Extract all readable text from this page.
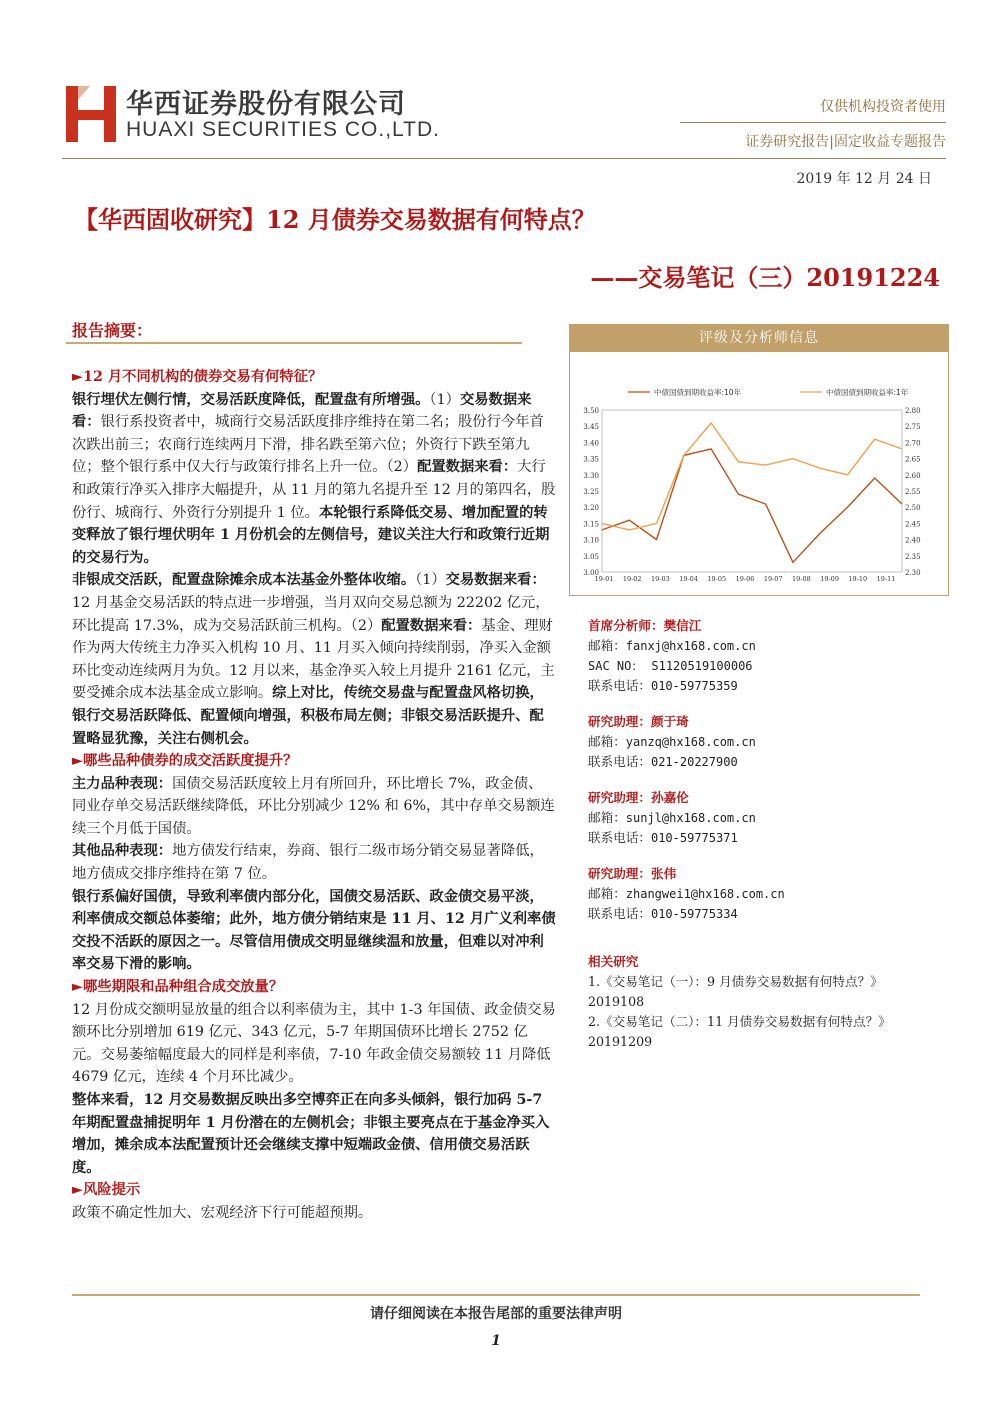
华西证券股份有限公司
HUAXI SECURITIES CO.,LTD.
仅供机构投资者使用
证券研究报告|固定收益专题报告
2019 年 12 月 24 日
【华西固收研究】12 月债券交易数据有何特点？
——交易笔记（三）20191224
报告摘要：

►12 月不同机构的债券交易有何特征？

银行埋伏左侧行情，交易活跃度降低，配置盘有所增强。（1）交易数据来看：银行系投资者中，城商行交易活跃度排序维持在第二名；股份行今年首次跌出前三；农商行连续两月下滑，排名跌至第六位；外资行下跌至第九位；整个银行系中仅大行与政策行排名上升一位。（2）配置数据来看：大行和政策行净买入排序大幅提升，从 11 月的第九名提升至 12 月的第四名，股份行、城商行、外资行分别提升 1 位。本轮银行系降低交易、增加配置的转变释放了银行埋伏明年 1 月份机会的左侧信号，建议关注大行和政策行近期的交易行为。

非银成交活跃，配置盘除摊余成本法基金外整体收缩。（1）交易数据来看：12 月基金交易活跃的特点进一步增强，当月双向交易总额为 22202 亿元，环比提高 17.3%，成为交易活跃前三机构。（2）配置数据来看：基金、理财作为两大传统主力净买入机构 10 月、11 月买入倾向持续削弱，净买入金额环比变动连续两月为负。12 月以来，基金净买入较上月提升 2161 亿元，主要受摊余成本法基金成立影响。综上对比，传统交易盘与配置盘风格切换，银行交易活跃降低、配置倾向增强，积极布局左侧；非银交易活跃提升、配置略显犹豫，关注右侧机会。

►哪些品种债券的成交活跃度提升？

主力品种表现：国债交易活跃度较上月有所回升，环比增长 7%，政金债、同业存单交易活跃继续降低，环比分别减少 12% 和 6%，其中存单交易额连续三个月低于国债。

其他品种表现：地方债发行结束，券商、银行二级市场分销交易显著降低，地方债成交排序维持在第 7 位。

银行系偏好国债，导致利率债内部分化，国债交易活跃、政金债交易平淡，利率债成交额总体萎缩；此外，地方债分销结束是 11 月、12 月广义利率债交投不活跃的原因之一。尽管信用债成交明显继续温和放量，但难以对冲利率交易下滑的影响。

►哪些期限和品种组合成交放量？

12 月份成交额明显放量的组合以利率债为主，其中 1-3 年国债、政金债交易额环比分别增加 619 亿元、343 亿元，5-7 年期国债环比增长 2752 亿元。交易萎缩幅度最大的同样是利率债，7-10 年政金债交易额较 11 月降低 4679 亿元，连续 4 个月环比减少。

整体来看，12 月交易数据反映出多空博弈正在向多头倾斜，银行加码 5-7 年期配置盘捕捉明年 1 月份潜在的左侧机会；非银主要亮点在于基金净买入增加，摊余成本法配置预计还会继续支撑中短端政金债、信用债交易活跃度。

►风险提示

政策不确定性加大、宏观经济下行可能超预期。

评级及分析师信息
中债国债到期收益率:10年	中债国债到期收益率:1年
3.00
3.05
3.10
3.15
3.20
3.25
3.30
3.35
3.40
3.45
3.50
2.30
2.35
2.40
2.45
2.50
2.55
2.60
2.65
2.70
2.75
2.80
19-01 19-02 19-03 19-04 19-05 19-06 19-07 19-08 19-09 19-10 19-11
首席分析师：樊信江
邮箱：fanxj@hx168.com.cn
SAC NO： S1120519100006
联系电话：010-59775359
研究助理：颜于琦
邮箱：yanzq@hx168.com.cn
联系电话：021-20227900
研究助理：孙嘉伦
邮箱：sunjl@hx168.com.cn
联系电话：010-59775371
研究助理：张伟
邮箱：zhangwei1@hx168.com.cn
联系电话：010-59775334
相关研究
1.《交易笔记（一）：9 月债券交易数据有何特点？》2019108
2.《交易笔记（二）：11 月债券交易数据有何特点？》20191209
请仔细阅读在本报告尾部的重要法律声明
1
